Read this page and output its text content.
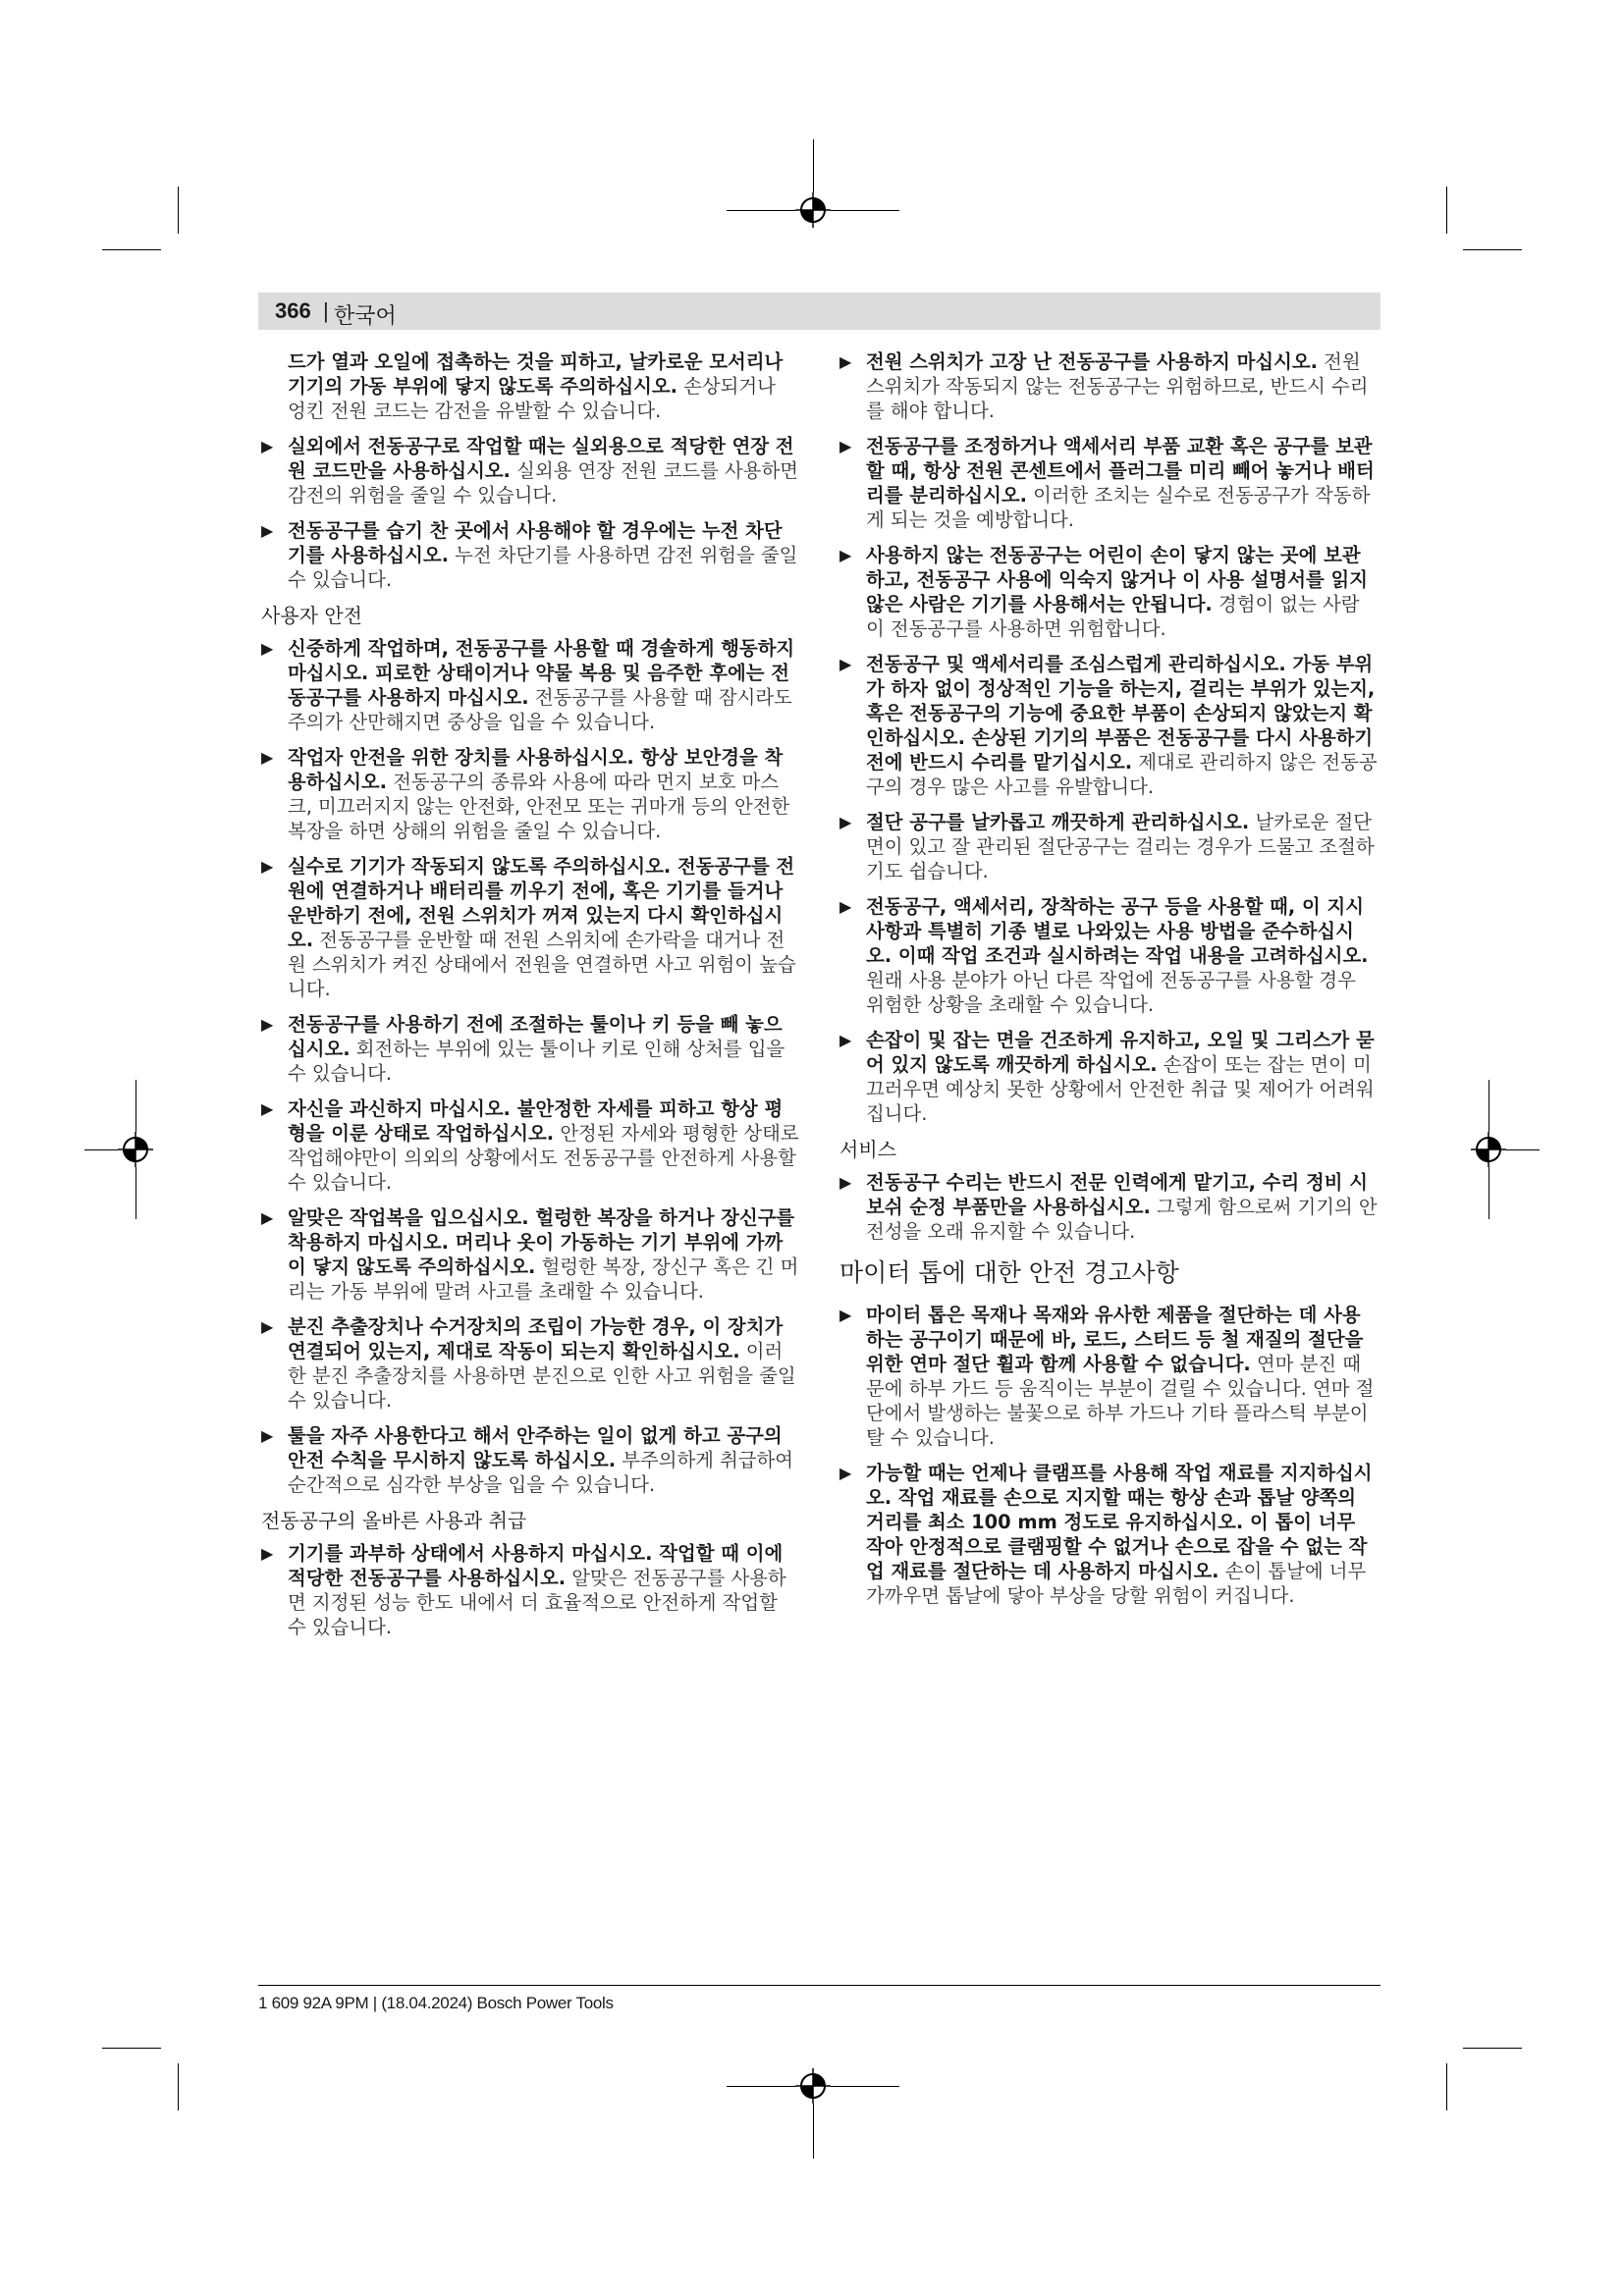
366 | 한국어
드가 열과 오일에 접촉하는 것을 피하고, 날카로운 모서리나 기기의 가동 부위에 닿지 않도록 주의하십시오. 손상되거나 엉킨 전원 코드는 감전을 유발할 수 있습니다.
▶ 실외에서 전동공구로 작업할 때는 실외용으로 적당한 연장 전원 코드만을 사용하십시오. 실외용 연장 전원 코드를 사용하면 감전의 위험을 줄일 수 있습니다.
▶ 전동공구를 습기 찬 곳에서 사용해야 할 경우에는 누전 차단기를 사용하십시오. 누전 차단기를 사용하면 감전 위험을 줄일 수 있습니다.
사용자 안전
▶ 신중하게 작업하며, 전동공구를 사용할 때 경솔하게 행동하지 마십시오. 피로한 상태이거나 약물 복용 및 음주한 후에는 전동공구를 사용하지 마십시오. 전동공구를 사용할 때 잠시라도 주의가 산만해지면 중상을 입을 수 있습니다.
▶ 작업자 안전을 위한 장치를 사용하십시오. 항상 보안경을 착용하십시오. 전동공구의 종류와 사용에 따라 먼지 보호 마스크, 미끄러지지 않는 안전화, 안전모 또는 귀마개 등의 안전한 복장을 하면 상해의 위험을 줄일 수 있습니다.
▶ 실수로 기기가 작동되지 않도록 주의하십시오. 전동공구를 전원에 연결하거나 배터리를 끼우기 전에, 혹은 기기를 들거나 운반하기 전에, 전원 스위치가 꺼져 있는지 다시 확인하십시오. 전동공구를 운반할 때 전원 스위치에 손가락을 대거나 전원 스위치가 켜진 상태에서 전원을 연결하면 사고 위험이 높습니다.
▶ 전동공구를 사용하기 전에 조절하는 툴이나 키 등을 빼 놓으십시오. 회전하는 부위에 있는 툴이나 키로 인해 상처를 입을 수 있습니다.
▶ 자신을 과신하지 마십시오. 불안정한 자세를 피하고 항상 평형을 이룬 상태로 작업하십시오. 안정된 자세와 평형한 상태로 작업해야만이 의외의 상황에서도 전동공구를 안전하게 사용할 수 있습니다.
▶ 알맞은 작업복을 입으십시오. 헐렁한 복장을 하거나 장신구를 착용하지 마십시오. 머리나 옷이 가동하는 기기 부위에 가까이 닿지 않도록 주의하십시오. 헐렁한 복장, 장신구 혹은 긴 머리는 가동 부위에 말려 사고를 초래할 수 있습니다.
▶ 분진 추출장치나 수거장치의 조립이 가능한 경우, 이 장치가 연결되어 있는지, 제대로 작동이 되는지 확인하십시오. 이러한 분진 추출장치를 사용하면 분진으로 인한 사고 위험을 줄일 수 있습니다.
▶ 툴을 자주 사용한다고 해서 안주하는 일이 없게 하고 공구의 안전 수칙을 무시하지 않도록 하십시오. 부주의하게 취급하여 순간적으로 심각한 부상을 입을 수 있습니다.
전동공구의 올바른 사용과 취급
▶ 기기를 과부하 상태에서 사용하지 마십시오. 작업할 때 이에 적당한 전동공구를 사용하십시오. 알맞은 전동공구를 사용하면 지정된 성능 한도 내에서 더 효율적으로 안전하게 작업할 수 있습니다.
▶ 전원 스위치가 고장 난 전동공구를 사용하지 마십시오. 전원 스위치가 작동되지 않는 전동공구는 위험하므로, 반드시 수리를 해야 합니다.
▶ 전동공구를 조정하거나 액세서리 부품 교환 혹은 공구를 보관할 때, 항상 전원 콘센트에서 플러그를 미리 빼어 놓거나 배터리를 분리하십시오. 이러한 조치는 실수로 전동공구가 작동하게 되는 것을 예방합니다.
▶ 사용하지 않는 전동공구는 어린이 손이 닿지 않는 곳에 보관하고, 전동공구 사용에 익숙지 않거나 이 사용 설명서를 읽지 않은 사람은 기기를 사용해서는 안됩니다. 경험이 없는 사람이 전동공구를 사용하면 위험합니다.
▶ 전동공구 및 액세서리를 조심스럽게 관리하십시오. 가동 부위가 하자 없이 정상적인 기능을 하는지, 걸리는 부위가 있는지, 혹은 전동공구의 기능에 중요한 부품이 손상되지 않았는지 확인하십시오. 손상된 기기의 부품은 전동공구를 다시 사용하기 전에 반드시 수리를 맡기십시오. 제대로 관리하지 않은 전동공구의 경우 많은 사고를 유발합니다.
▶ 절단 공구를 날카롭고 깨끗하게 관리하십시오. 날카로운 절단면이 있고 잘 관리된 절단공구는 걸리는 경우가 드물고 조절하기도 쉽습니다.
▶ 전동공구, 액세서리, 장착하는 공구 등을 사용할 때, 이 지시 사항과 특별히 기종 별로 나와있는 사용 방법을 준수하십시오. 이때 작업 조건과 실시하려는 작업 내용을 고려하십시오. 원래 사용 분야가 아닌 다른 작업에 전동공구를 사용할 경우 위험한 상황을 초래할 수 있습니다.
▶ 손잡이 및 잡는 면을 건조하게 유지하고, 오일 및 그리스가 묻어 있지 않도록 깨끗하게 하십시오. 손잡이 또는 잡는 면이 미끄러우면 예상치 못한 상황에서 안전한 취급 및 제어가 어려워집니다.
서비스
▶ 전동공구 수리는 반드시 전문 인력에게 맡기고, 수리 정비 시 보쉬 순정 부품만을 사용하십시오. 그렇게 함으로써 기기의 안전성을 오래 유지할 수 있습니다.
마이터 톱에 대한 안전 경고사항
▶ 마이터 톱은 목재나 목재와 유사한 제품을 절단하는 데 사용하는 공구이기 때문에 바, 로드, 스터드 등 철 재질의 절단을 위한 연마 절단 휠과 함께 사용할 수 없습니다. 연마 분진 때문에 하부 가드 등 움직이는 부분이 걸릴 수 있습니다. 연마 절단에서 발생하는 불꽃으로 하부 가드나 기타 플라스틱 부분이 탈 수 있습니다.
▶ 가능할 때는 언제나 클램프를 사용해 작업 재료를 지지하십시오. 작업 재료를 손으로 지지할 때는 항상 손과 톱날 양쪽의 거리를 최소 100 mm 정도로 유지하십시오. 이 톱이 너무 작아 안정적으로 클램핑할 수 없거나 손으로 잡을 수 없는 작업 재료를 절단하는 데 사용하지 마십시오. 손이 톱날에 너무 가까우면 톱날에 닿아 부상을 당할 위험이 커집니다.
1 609 92A 9PM | (18.04.2024) Bosch Power Tools
